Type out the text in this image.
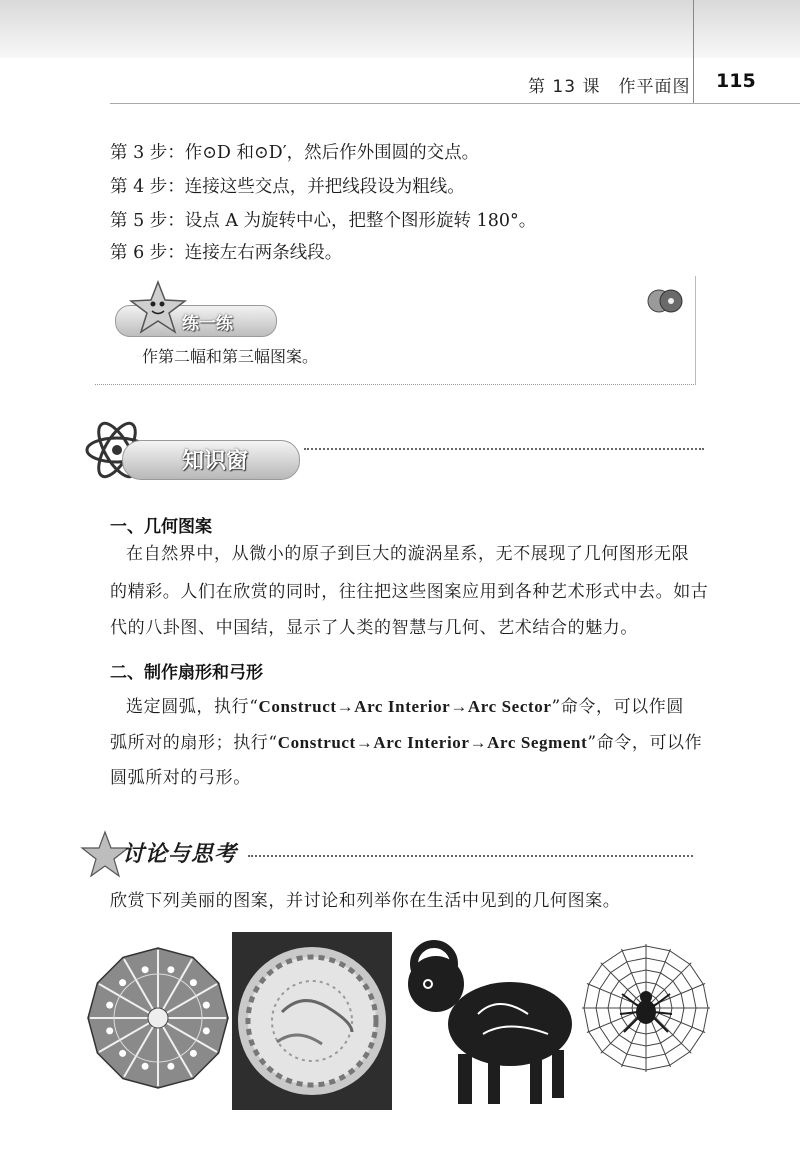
第 13 课　作平面图 115
第 3 步：作⊙D 和⊙D′，然后作外围圆的交点。
第 4 步：连接这些交点，并把线段设为粗线。
第 5 步：设点 A 为旋转中心，把整个图形旋转 180°。
第 6 步：连接左右两条线段。
练一练
作第二幅和第三幅图案。
知识窗
一、几何图案
在自然界中，从微小的原子到巨大的漩涡星系，无不展现了几何图形无限
的精彩。人们在欣赏的同时，往往把这些图案应用到各种艺术形式中去。如古
代的八卦图、中国结，显示了人类的智慧与几何、艺术结合的魅力。
二、制作扇形和弓形
选定圆弧，执行“Construct→Arc Interior→Arc Sector”命令，可以作圆
弧所对的扇形；执行“Construct→Arc Interior→Arc Segment”命令，可以作
圆弧所对的弓形。
讨论与思考
欣赏下列美丽的图案，并讨论和列举你在生活中见到的几何图案。
